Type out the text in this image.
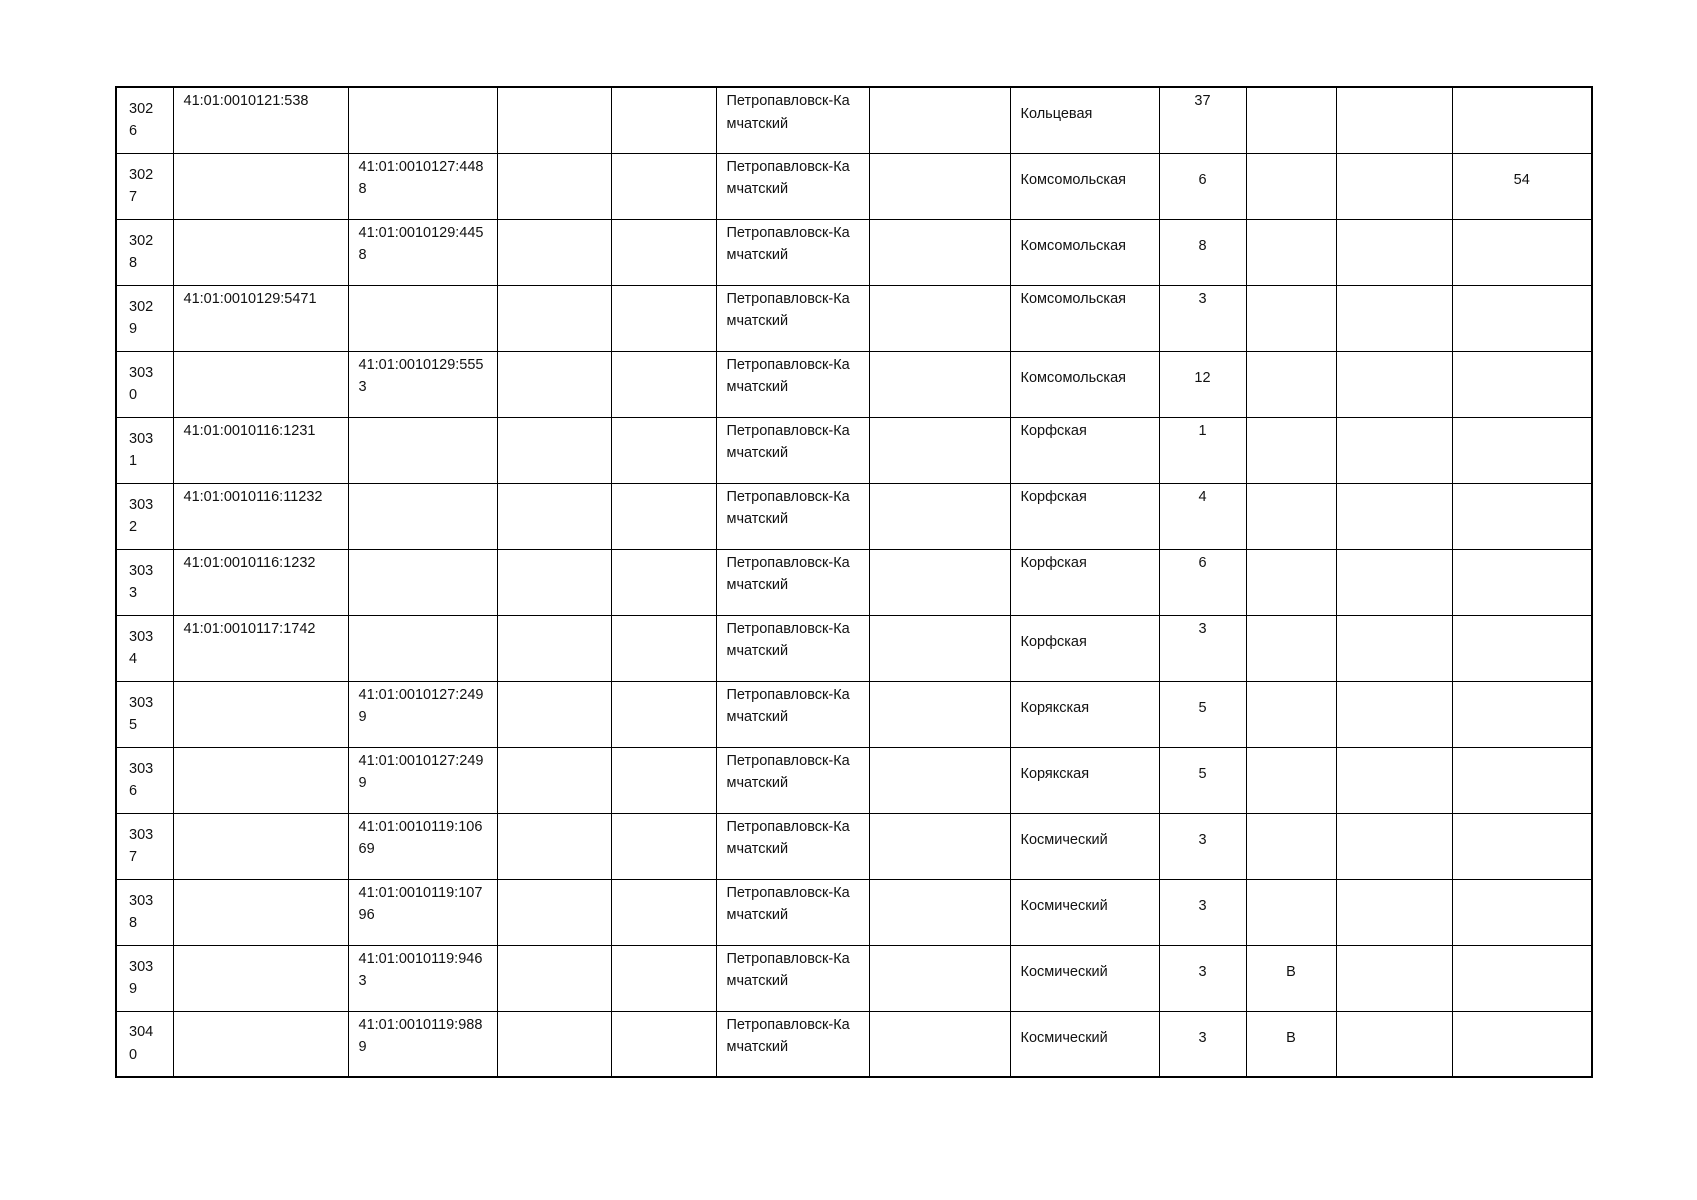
3026	41:01:0010121:538				Петропавловск-Камчатский		Кольцевая	37			
3027		41:01:0010127:4488			Петропавловск-Камчатский		Комсомольская	6			54
3028		41:01:0010129:4458			Петропавловск-Камчатский		Комсомольская	8			
3029	41:01:0010129:5471				Петропавловск-Камчатский		Комсомольская	3			
3030		41:01:0010129:5553			Петропавловск-Камчатский		Комсомольская	12			
3031	41:01:0010116:1231				Петропавловск-Камчатский		Корфская	1			
3032	41:01:0010116:11232				Петропавловск-Камчатский		Корфская	4			
3033	41:01:0010116:1232				Петропавловск-Камчатский		Корфская	6			
3034	41:01:0010117:1742				Петропавловск-Камчатский		Корфская	3			
3035		41:01:0010127:2499			Петропавловск-Камчатский		Корякская	5			
3036		41:01:0010127:2499			Петропавловск-Камчатский		Корякская	5			
3037		41:01:0010119:10669			Петропавловск-Камчатский		Космический	3			
3038		41:01:0010119:10796			Петропавловск-Камчатский		Космический	3			
3039		41:01:0010119:9463			Петропавловск-Камчатский		Космический	3	В		
3040		41:01:0010119:9889			Петропавловск-Камчатский		Космический	3	В		
